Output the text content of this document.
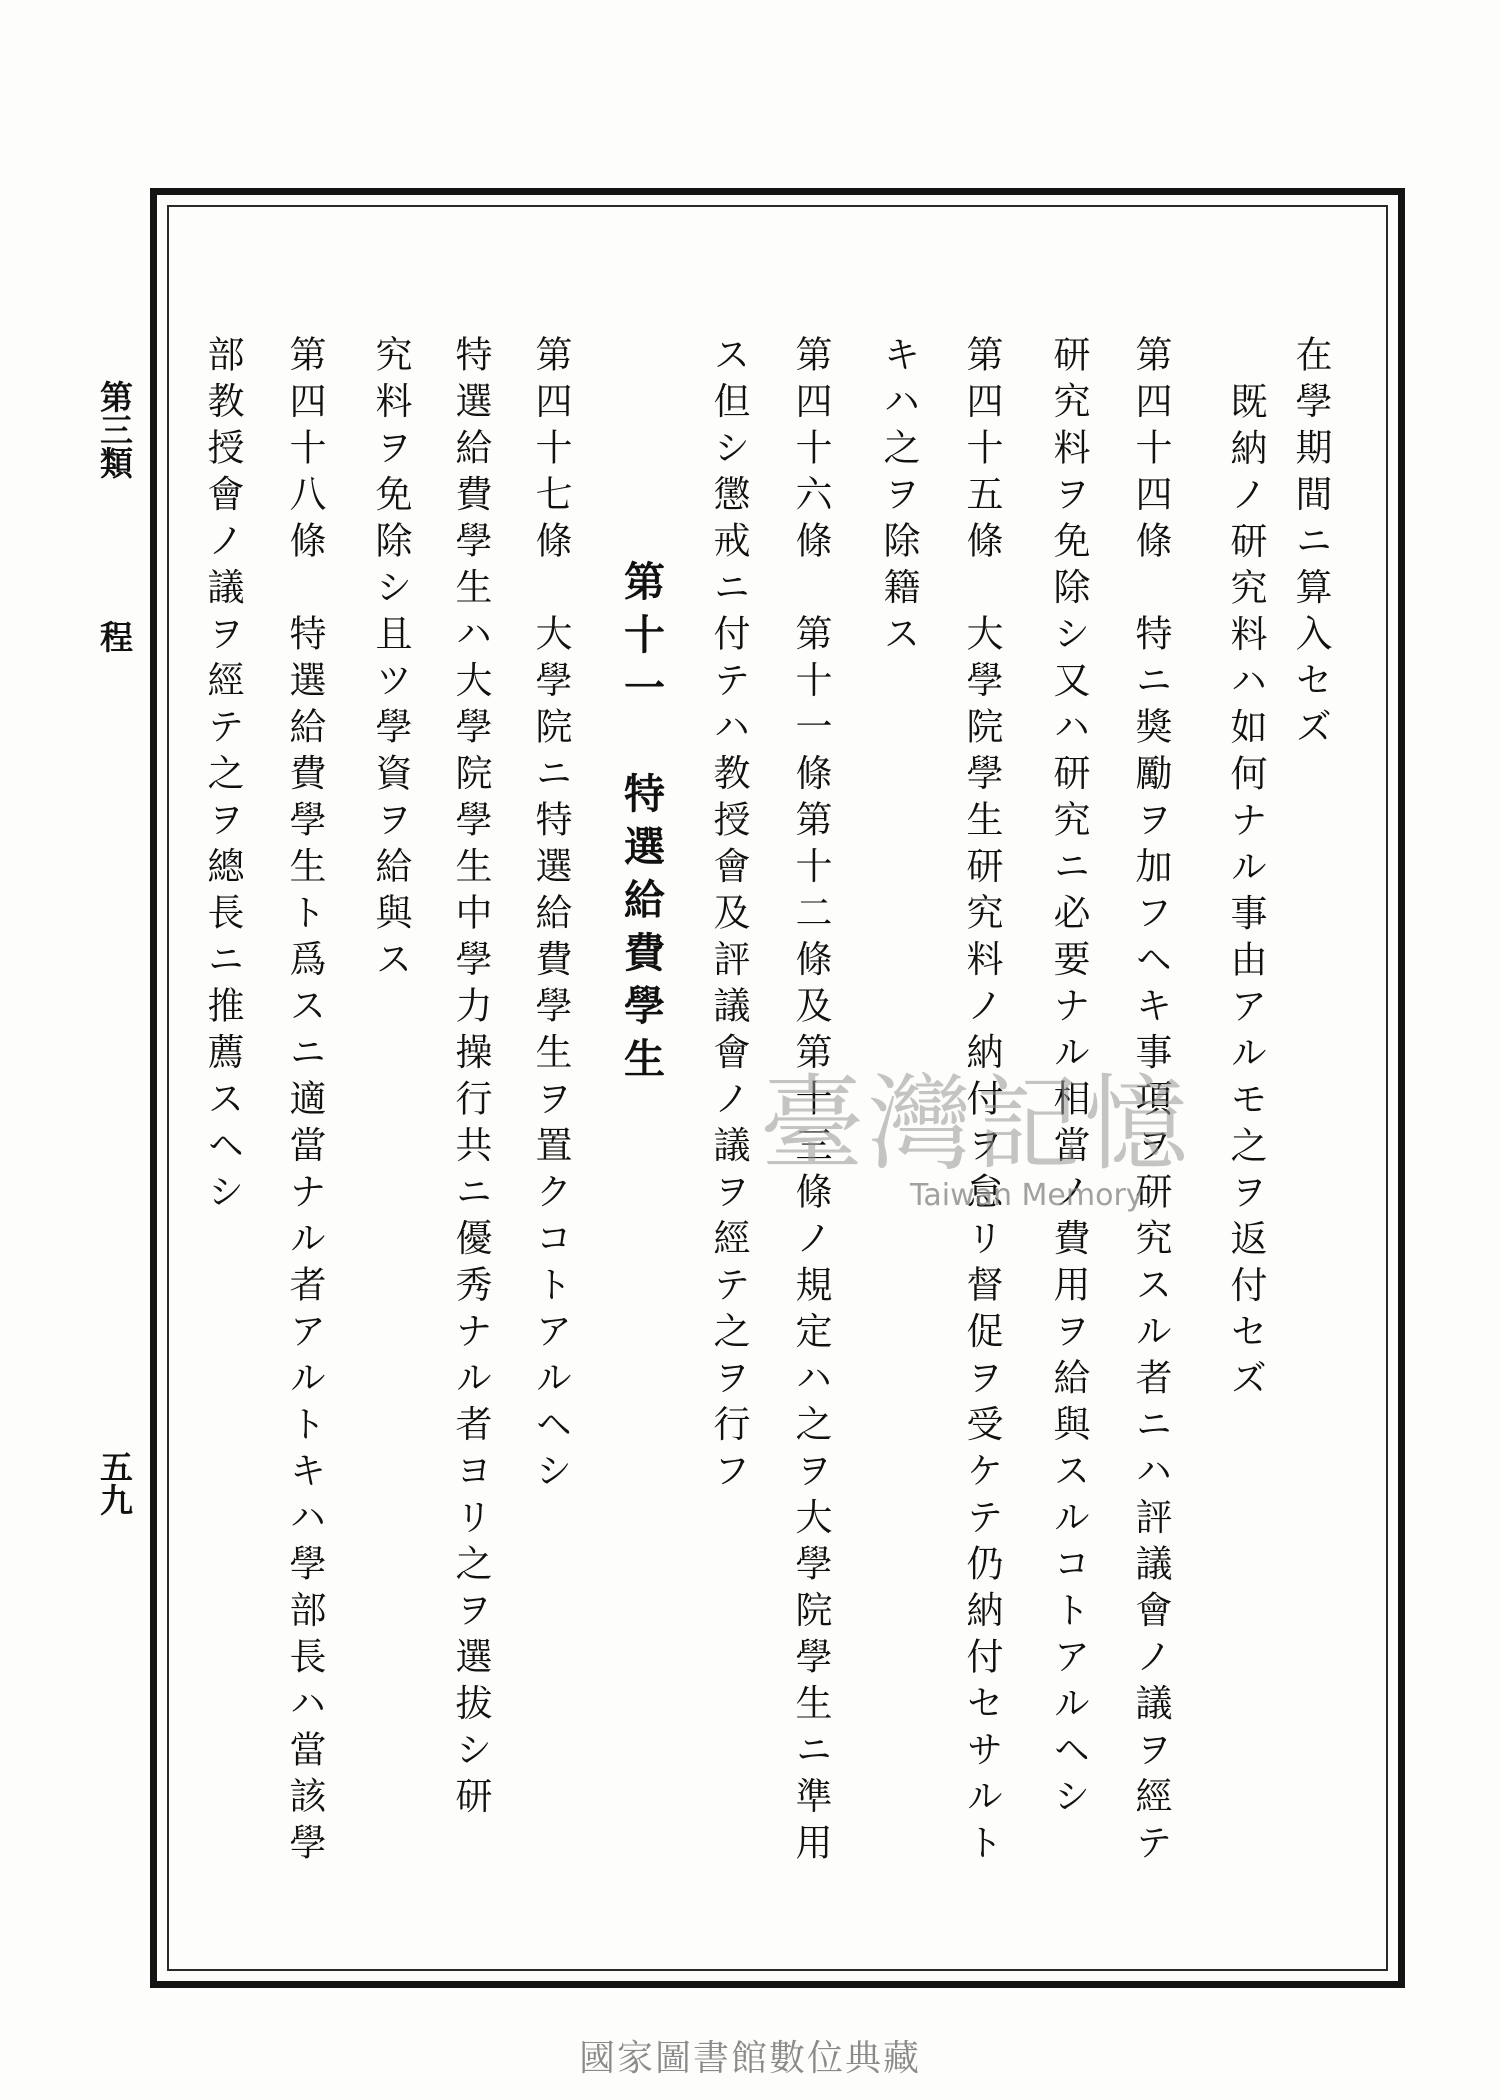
第三類
程
五九
在學期間ニ算入セズ
既納ノ研究料ハ如何ナル事由アルモ之ヲ返付セズ
第四十四條　特ニ獎勵ヲ加フヘキ事項ヲ研究スル者ニハ評議會ノ議ヲ經テ
研究料ヲ免除シ又ハ研究ニ必要ナル相當ノ費用ヲ給與スルコトアルヘシ
第四十五條　大學院學生研究料ノ納付ヲ怠リ督促ヲ受ケテ仍納付セサルト
キハ之ヲ除籍ス
第四十六條　第十一條第十二條及第十三條ノ規定ハ之ヲ大學院學生ニ準用
ス但シ懲戒ニ付テハ教授會及評議會ノ議ヲ經テ之ヲ行フ
第十一　特選給費學生
第四十七條　大學院ニ特選給費學生ヲ置クコトアルヘシ
特選給費學生ハ大學院學生中學力操行共ニ優秀ナル者ヨリ之ヲ選拔シ研
究料ヲ免除シ且ツ學資ヲ給與ス
第四十八條　特選給費學生ト爲スニ適當ナル者アルトキハ學部長ハ當該學
部教授會ノ議ヲ經テ之ヲ總長ニ推薦スヘシ	臺灣記憶
Taiwan Memory
國家圖書館數位典藏
